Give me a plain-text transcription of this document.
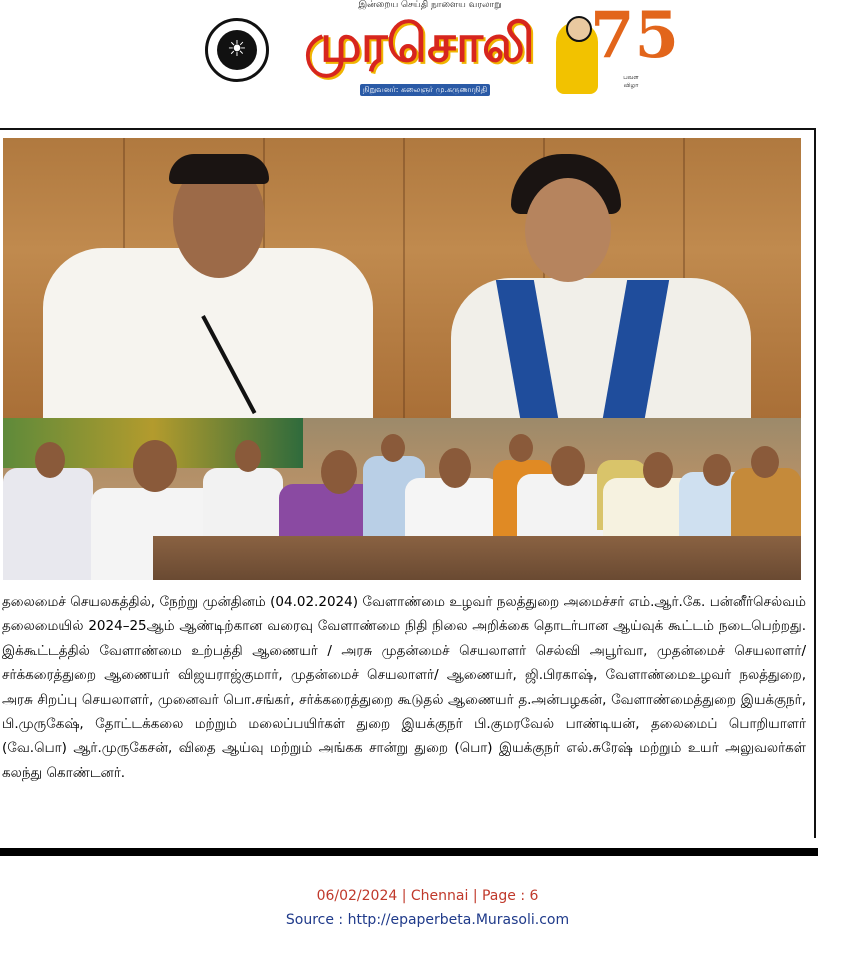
இன்றைய செய்தி நாளைய வரலாறு
☀	முரசொலி
நிறுவனர்: கலைஞர் மு.கருணாநிதி
75
பவள விழா
தலைமைச் செயலகத்தில், நேற்று முன்தினம் (04.02.2024) வேளாண்மை உழவர் நலத்துறை அமைச்சர் எம்.ஆர்.கே. பன்னீர்செல்வம் தலைமையில் 2024–25ஆம் ஆண்டிற்கான வரைவு வேளாண்மை நிதி நிலை அறிக்கை தொடர்பான ஆய்வுக் கூட்டம் நடைபெற்றது. இக்கூட்டத்தில் வேளாண்மை உற்பத்தி ஆணையர் / அரசு முதன்மைச் செயலாளர் செல்வி அபூர்வா, முதன்மைச் செயலாளர்/சர்க்கரைத்துறை ஆணையர் விஜயராஜ்குமார், முதன்மைச் செயலாளர்/ ஆணையர், ஜி.பிரகாஷ், வேளாண்மைஉழவர் நலத்துறை, அரசு சிறப்பு செயலாளர், முனைவர் பொ.சங்கர், சர்க்கரைத்துறை கூடுதல் ஆணையர் த.அன்பழகன், வேளாண்மைத்துறை இயக்குநர், பி.முருகேஷ், தோட்டக்கலை மற்றும் மலைப்பயிர்கள் துறை இயக்குநர் பி.குமரவேல் பாண்டியன், தலைமைப் பொறியாளர் (வே.பொ) ஆர்.முருகேசன், விதை ஆய்வு மற்றும் அங்கக சான்று துறை (பொ) இயக்குநர் எல்.சுரேஷ் மற்றும் உயர் அலுவலர்கள் கலந்து கொண்டனர்.
06/02/2024 | Chennai | Page : 6
Source : http://epaperbeta.Murasoli.com
